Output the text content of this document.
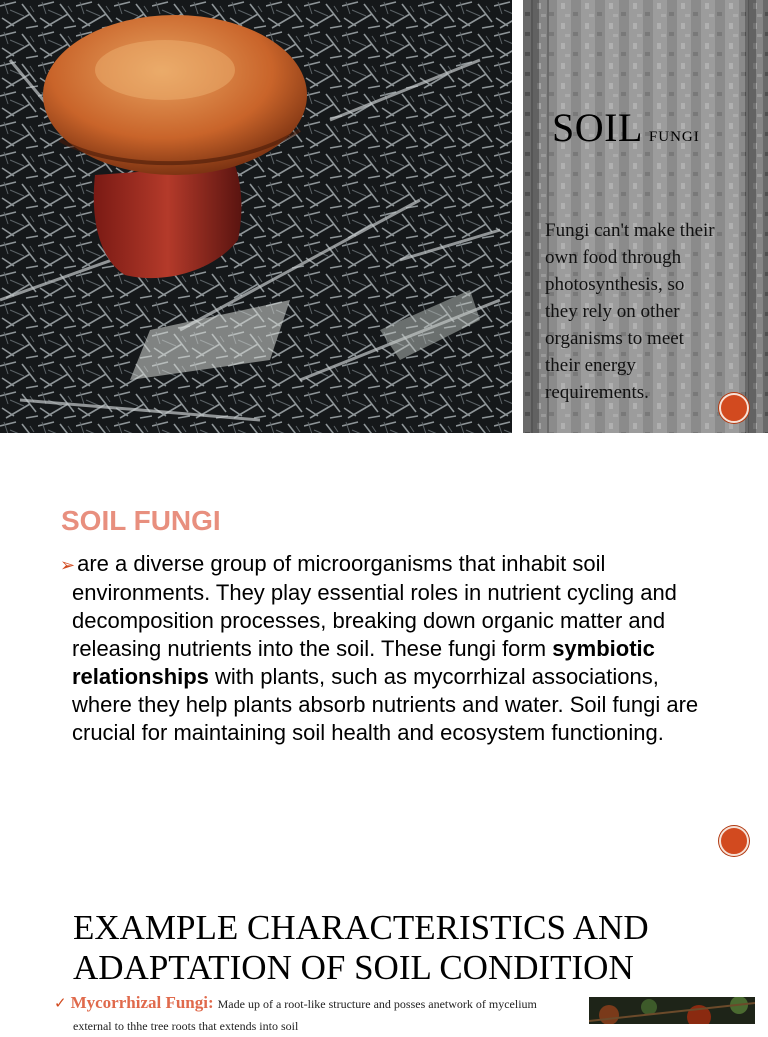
SOIL FUNGI
Fungi can't make their own food through photosynthesis, so they rely on other organisms to meet their energy requirements.
SOIL FUNGI
➢are a diverse group of microorganisms that inhabit soil environments. They play essential roles in nutrient cycling and decomposition processes, breaking down organic matter and releasing nutrients into the soil. These fungi form symbiotic relationships with plants, such as mycorrhizal associations, where they help plants absorb nutrients and water. Soil fungi are crucial for maintaining soil health and ecosystem functioning.
EXAMPLE CHARACTERISTICS AND ADAPTATION OF SOIL CONDITION
✓ Mycorrhizal Fungi: Made up of a root-like structure and posses anetwork of mycelium
external to thhe tree roots that extends into soil
